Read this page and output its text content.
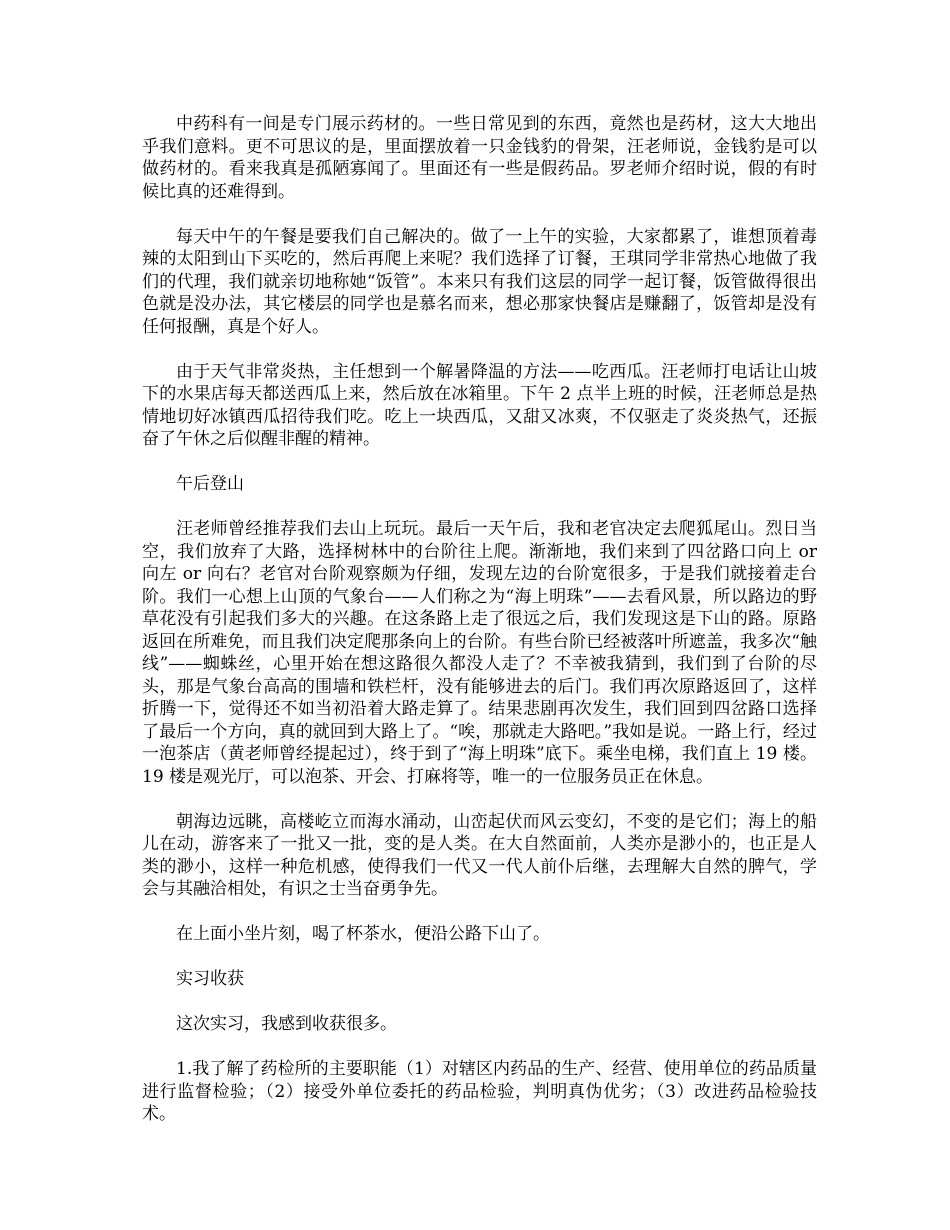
中药科有一间是专门展示药材的。一些日常见到的东西，竟然也是药材，这大大地出乎我们意料。更不可思议的是，里面摆放着一只金钱豹的骨架，汪老师说，金钱豹是可以做药材的。看来我真是孤陋寡闻了。里面还有一些是假药品。罗老师介绍时说，假的有时候比真的还难得到。

每天中午的午餐是要我们自己解决的。做了一上午的实验，大家都累了，谁想顶着毒辣的太阳到山下买吃的，然后再爬上来呢？我们选择了订餐，王琪同学非常热心地做了我们的代理，我们就亲切地称她“饭管”。本来只有我们这层的同学一起订餐，饭管做得很出色就是没办法，其它楼层的同学也是慕名而来，想必那家快餐店是赚翻了，饭管却是没有任何报酬，真是个好人。

由于天气非常炎热，主任想到一个解暑降温的方法——吃西瓜。汪老师打电话让山坡下的水果店每天都送西瓜上来，然后放在冰箱里。下午 2 点半上班的时候，汪老师总是热情地切好冰镇西瓜招待我们吃。吃上一块西瓜，又甜又冰爽，不仅驱走了炎炎热气，还振奋了午休之后似醒非醒的精神。

午后登山

汪老师曾经推荐我们去山上玩玩。最后一天午后，我和老官决定去爬狐尾山。烈日当空，我们放弃了大路，选择树林中的台阶往上爬。渐渐地，我们来到了四岔路口向上 or 向左 or 向右？老官对台阶观察颇为仔细，发现左边的台阶宽很多，于是我们就接着走台阶。我们一心想上山顶的气象台——人们称之为“海上明珠”——去看风景，所以路边的野草花没有引起我们多大的兴趣。在这条路上走了很远之后，我们发现这是下山的路。原路返回在所难免，而且我们决定爬那条向上的台阶。有些台阶已经被落叶所遮盖，我多次“触线”——蜘蛛丝，心里开始在想这路很久都没人走了？不幸被我猜到，我们到了台阶的尽头，那是气象台高高的围墙和铁栏杆，没有能够进去的后门。我们再次原路返回了，这样折腾一下，觉得还不如当初沿着大路走算了。结果悲剧再次发生，我们回到四岔路口选择了最后一个方向，真的就回到大路上了。“唉，那就走大路吧。”我如是说。一路上行，经过一泡茶店（黄老师曾经提起过），终于到了“海上明珠”底下。乘坐电梯，我们直上 19 楼。19 楼是观光厅，可以泡茶、开会、打麻将等，唯一的一位服务员正在休息。

朝海边远眺，高楼屹立而海水涌动，山峦起伏而风云变幻，不变的是它们；海上的船儿在动，游客来了一批又一批，变的是人类。在大自然面前，人类亦是渺小的，也正是人类的渺小，这样一种危机感，使得我们一代又一代人前仆后继，去理解大自然的脾气，学会与其融洽相处，有识之士当奋勇争先。

在上面小坐片刻，喝了杯茶水，便沿公路下山了。

实习收获

这次实习，我感到收获很多。

1.我了解了药检所的主要职能（1）对辖区内药品的生产、经营、使用单位的药品质量进行监督检验；（2）接受外单位委托的药品检验，判明真伪优劣；（3）改进药品检验技术。
